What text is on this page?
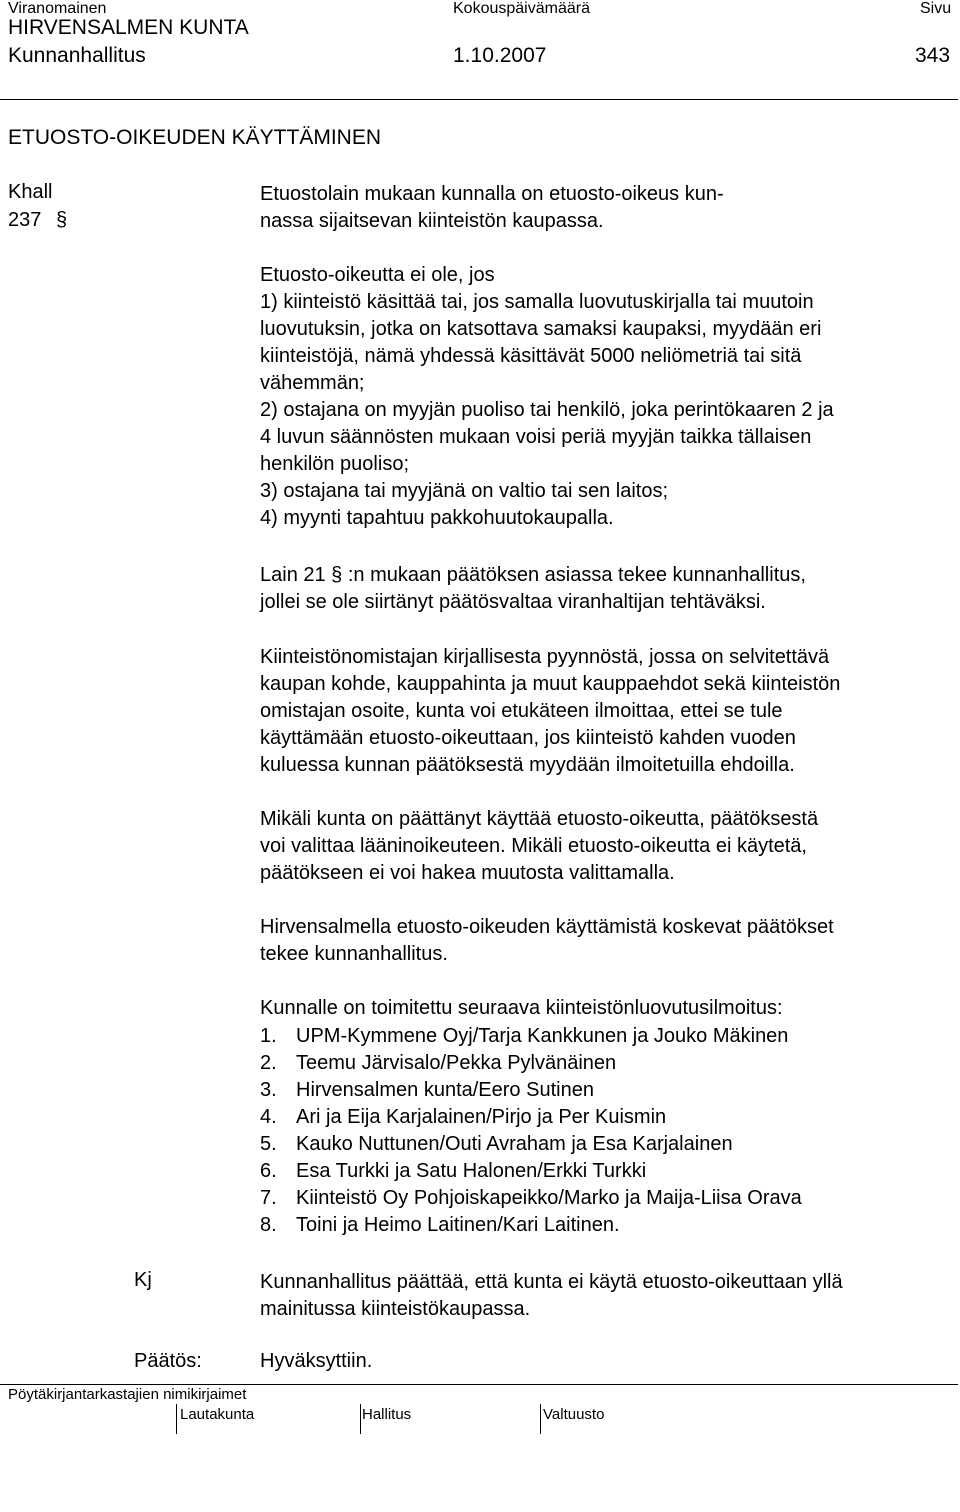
Viranomainen	Kokouspäivämäärä	Sivu
HIRVENSALMEN KUNTA
Kunnanhallitus	1.10.2007	343
ETUOSTO-OIKEUDEN KÄYTTÄMINEN
Khall
237 §

Etuostolain mukaan kunnalla on etuosto-oikeus kun-
nassa sijaitsevan kiinteistön kaupassa.

Etuosto-oikeutta ei ole, jos
1) kiinteistö käsittää tai, jos samalla luovutuskirjalla tai muutoin
luovutuksin, jotka on katsottava samaksi kaupaksi, myydään eri
kiinteistöjä, nämä yhdessä käsittävät 5000 neliömetriä tai sitä
vähemmän;
2) ostajana on myyjän puoliso tai henkilö, joka perintökaaren 2 ja
4 luvun säännösten mukaan voisi periä myyjän taikka tällaisen
henkilön puoliso;
3) ostajana tai myyjänä on valtio tai sen laitos;
4) myynti tapahtuu pakkohuutokaupalla.

Lain 21 § :n mukaan päätöksen asiassa tekee kunnanhallitus,
jollei se ole siirtänyt päätösvaltaa viranhaltijan tehtäväksi.

Kiinteistönomistajan kirjallisesta pyynnöstä, jossa on selvitettävä
kaupan kohde, kauppahinta ja muut kauppaehdot sekä kiinteistön
omistajan osoite, kunta voi etukäteen ilmoittaa, ettei se tule
käyttämään etuosto-oikeuttaan, jos kiinteistö kahden vuoden
kuluessa kunnan päätöksestä myydään ilmoitetuilla ehdoilla.

Mikäli kunta on päättänyt käyttää etuosto-oikeutta, päätöksestä
voi valittaa lääninoikeuteen. Mikäli etuosto-oikeutta ei käytetä,
päätökseen ei voi hakea muutosta valittamalla.

Hirvensalmella etuosto-oikeuden käyttämistä koskevat päätökset
tekee kunnanhallitus.

Kunnalle on toimitettu seuraava kiinteistönluovutusilmoitus:

1. UPM-Kymmene Oyj/Tarja Kankkunen ja Jouko Mäkinen
2. Teemu Järvisalo/Pekka Pylvänäinen
3. Hirvensalmen kunta/Eero Sutinen
4. Ari ja Eija Karjalainen/Pirjo ja Per Kuismin
5. Kauko Nuttunen/Outi Avraham ja Esa Karjalainen
6. Esa Turkki ja Satu Halonen/Erkki Turkki
7. Kiinteistö Oy Pohjoiskapeikko/Marko ja Maija-Liisa Orava
8. Toini ja Heimo Laitinen/Kari Laitinen.
Kj	Kunnanhallitus päättää, että kunta ei käytä etuosto-oikeuttaan yllä
mainitussa kiinteistökaupassa.

Päätös:	Hyväksyttiin.
Pöytäkirjantarkastajien nimikirjaimet
Lautakunta	Hallitus	Valtuusto
